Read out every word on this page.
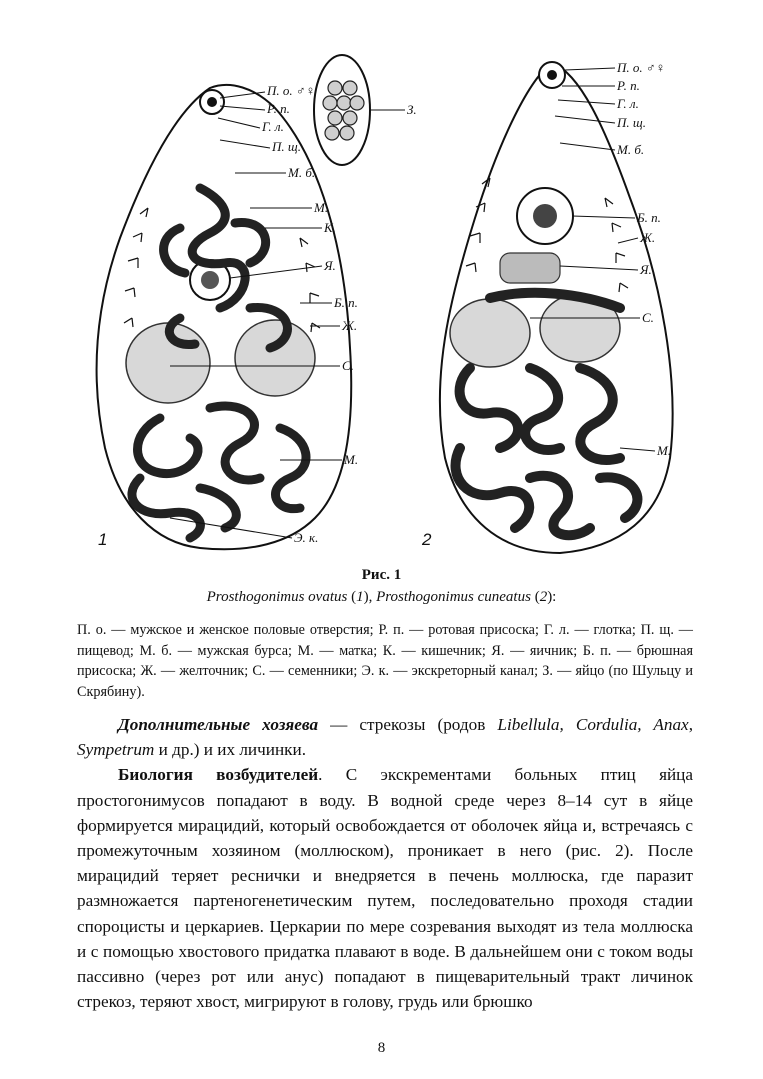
П. о. ♂♀
Р. п.
Г. л.
П. щ.
М. б.
М.
К.
Я.
Б. п.
Ж.
С.
М.
Э. к.
З.
П. о. ♂♀
Р. п.
Г. л.
П. щ.
М. б.
Б. п.
Ж.
Я.
С.
М.
1	2
Рис. 1
Prosthogonimus ovatus (1), Prosthogonimus cuneatus (2):
П. о. — мужское и женское половые отверстия; Р. п. — ротовая присоска; Г. л. — глотка; П. щ. — пищевод; М. б. — мужская бурса; М. — матка; К. — кишечник; Я. — яичник; Б. п. — брюшная присоска; Ж. — желточник; С. — семенники; Э. к. — экскреторный канал; З. — яйцо (по Шульцу и Скрябину).

Дополнительные хозяева — стрекозы (родов Libellula, Cordulia, Anax, Sympetrum и др.) и их личинки.

Биология возбудителей. С экскрементами больных птиц яйца простогонимусов попадают в воду. В водной среде через 8–14 сут в яйце формируется мирацидий, который освобождается от оболочек яйца и, встречаясь с промежуточным хозяином (моллюском), проникает в него (рис. 2). После мирацидий теряет реснички и внедряется в печень моллюска, где паразит размножается партеногенетическим путем, последовательно проходя стадии спороцисты и церкариев. Церкарии по мере созревания выходят из тела моллюска и с помощью хвостового придатка плавают в воде. В дальнейшем они с током воды пассивно (через рот или анус) попадают в пищеварительный тракт личинок стрекоз, теряют хвост, мигрируют в голову, грудь или брюшко

8
